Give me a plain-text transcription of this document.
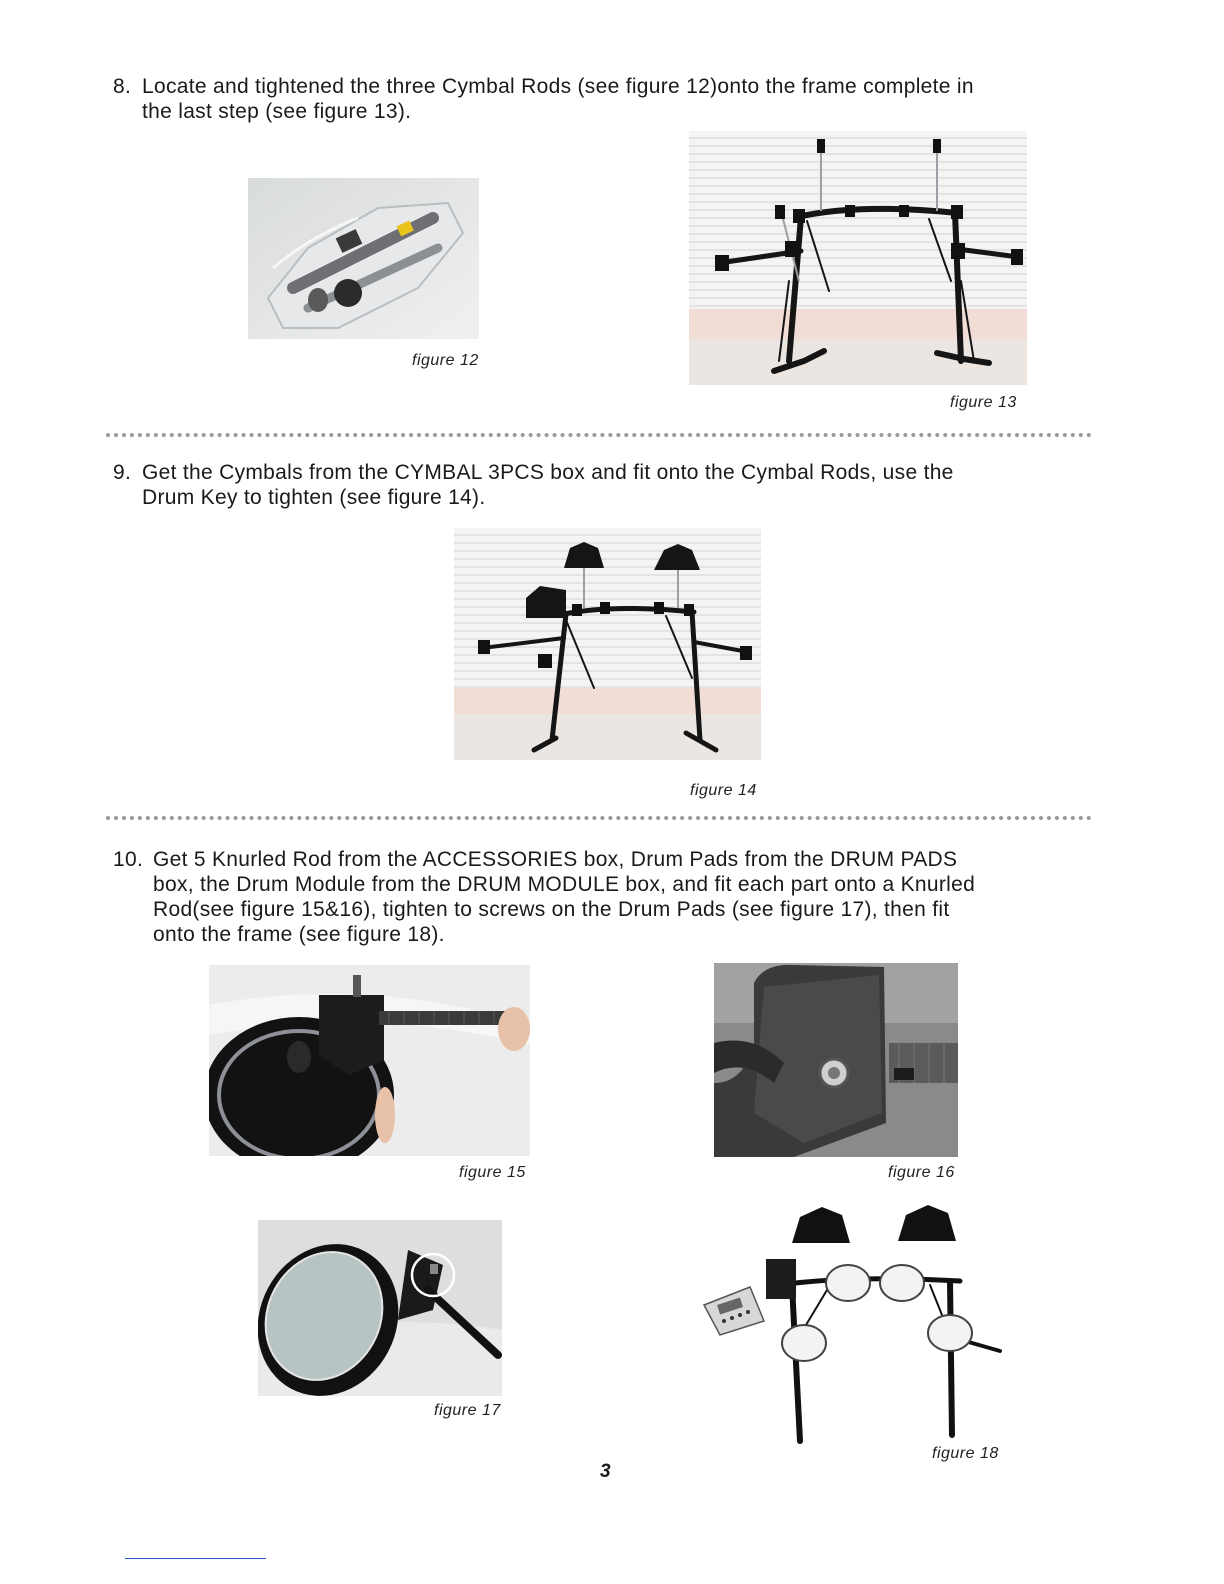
8. Locate and tightened the three Cymbal Rods (see figure 12)onto the frame complete in
the last step (see figure 13).
figure 12
figure 13
9. Get the Cymbals from the CYMBAL 3PCS box and fit onto the Cymbal Rods, use the
Drum Key to tighten (see figure 14).
figure 14
10. Get 5 Knurled Rod from the ACCESSORIES box, Drum Pads from the DRUM PADS
box, the Drum Module from the DRUM MODULE box, and fit each part onto a Knurled
Rod(see figure 15&16), tighten to screws on the Drum Pads (see figure 17), then fit
onto the frame (see figure 18).
figure 15	figure 16
figure 17
figure 18
3
